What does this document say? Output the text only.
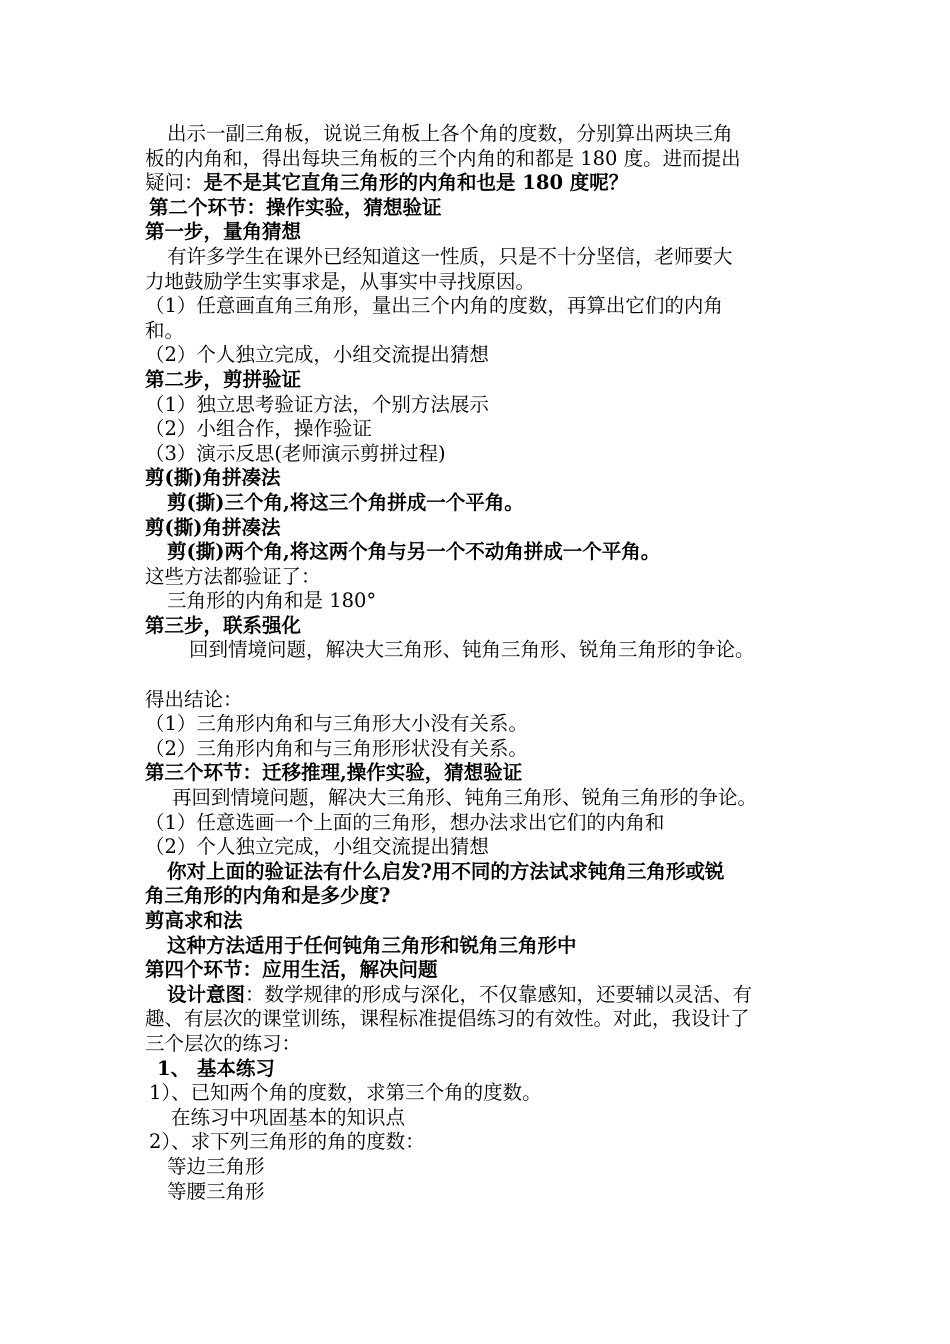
出示一副三角板，说说三角板上各个角的度数，分别算出两块三角
板的内角和，得出每块三角板的三个内角的和都是 180 度。进而提出
疑问：是不是其它直角三角形的内角和也是 180 度呢？
第二个环节：操作实验，猜想验证
第一步，量角猜想
有许多学生在课外已经知道这一性质，只是不十分坚信，老师要大
力地鼓励学生实事求是，从事实中寻找原因。
（1）任意画直角三角形，量出三个内角的度数，再算出它们的内角
和。
（2）个人独立完成，小组交流提出猜想
第二步，剪拼验证
（1）独立思考验证方法，个别方法展示
（2）小组合作，操作验证
（3）演示反思(老师演示剪拼过程)
剪(撕)角拼凑法
剪(撕)三个角,将这三个角拼成一个平角。
剪(撕)角拼凑法
剪(撕)两个角,将这两个角与另一个不动角拼成一个平角。
这些方法都验证了：
三角形的内角和是 180°
第三步，联系强化
回到情境问题，解决大三角形、钝角三角形、锐角三角形的争论。
得出结论：
（1）三角形内角和与三角形大小没有关系。
（2）三角形内角和与三角形形状没有关系。
第三个环节：迁移推理,操作实验，猜想验证
再回到情境问题，解决大三角形、钝角三角形、锐角三角形的争论。
（1）任意选画一个上面的三角形，想办法求出它们的内角和
（2）个人独立完成，小组交流提出猜想
你对上面的验证法有什么启发?用不同的方法试求钝角三角形或锐
角三角形的内角和是多少度?
剪高求和法
这种方法适用于任何钝角三角形和锐角三角形中
第四个环节：应用生活，解决问题
设计意图：数学规律的形成与深化，不仅靠感知，还要辅以灵活、有
趣、有层次的课堂训练，课程标准提倡练习的有效性。对此，我设计了
三个层次的练习：
1、 基本练习
1）、已知两个角的度数，求第三个角的度数。
在练习中巩固基本的知识点
2）、求下列三角形的角的度数：
等边三角形
等腰三角形
